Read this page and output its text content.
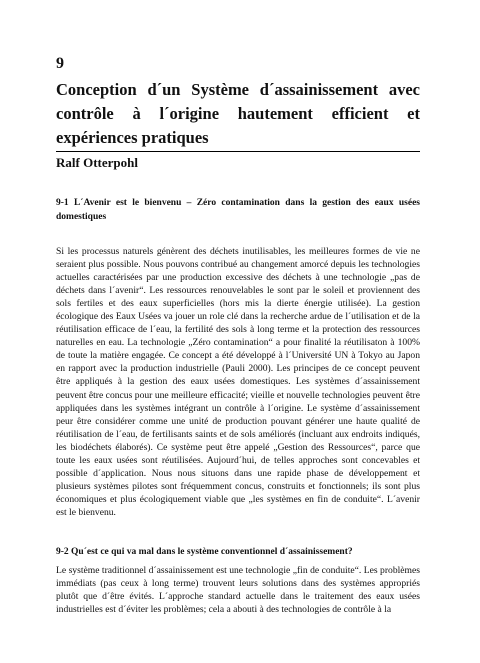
9
Conception d´un Système d´assainissement avec contrôle à l´origine hautement efficient et expériences pratiques
Ralf Otterpohl
9-1 L´Avenir est le bienvenu – Zéro contamination dans la gestion des eaux usées domestiques

Si les processus naturels génèrent des déchets inutilisables, les meilleures formes de vie ne seraient plus possible. Nous pouvons contribué au changement amorcé depuis les technologies actuelles caractérisées par une production excessive des déchets à une technologie „pas de déchets dans l´avenir“. Les ressources renouvelables le sont par le soleil et proviennent des sols fertiles et des eaux superficielles (hors mis la dierte énergie utilisée). La gestion écologique des Eaux Usées va jouer un role clé dans la recherche ardue de l´utilisation et de la réutilisation efficace de l´eau, la fertilité des sols à long terme et la protection des ressources naturelles en eau. La technologie „Zéro contamination“ a pour finalité la réutilisaton à 100% de toute la matière engagée. Ce concept a été développé à l´Université UN à Tokyo au Japon en rapport avec la production industrielle (Pauli 2000). Les principes de ce concept peuvent être appliqués à la gestion des eaux usées domestiques. Les systèmes d´assainissement peuvent être concus pour une meilleure efficacité; vieille et nouvelle technologies peuvent être appliquées dans les systèmes intégrant un contrôle à l´origine. Le système d´assainissement peur être considérer comme une unité de production pouvant générer une haute qualité de réutilisation de l´eau, de fertilisants saints et de sols améliorés (incluant aux endroits indiqués, les biodéchets élaborés). Ce système peut être appelé „Gestion des Ressources“, parce que toute les eaux usées sont réutilisées. Aujourd´hui, de telles approches sont concevables et possible d´application. Nous nous situons dans une rapide phase de développement et plusieurs systèmes pilotes sont fréquemment concus, construits et fonctionnels; ils sont plus économiques et plus écologiquement viable que „les systèmes en fin de conduite“. L´avenir est le bienvenu.

9-2 Qu´est ce qui va mal dans le système conventionnel d´assainissement?

Le système traditionnel d´assainissement est une technologie „fin de conduite“. Les problèmes immédiats (pas ceux à long terme) trouvent leurs solutions dans des systèmes appropriés plutôt que d´être évités. L´approche standard actuelle dans le traitement des eaux usées industrielles est d´éviter les problèmes; cela a abouti à des technologies de contrôle à la
